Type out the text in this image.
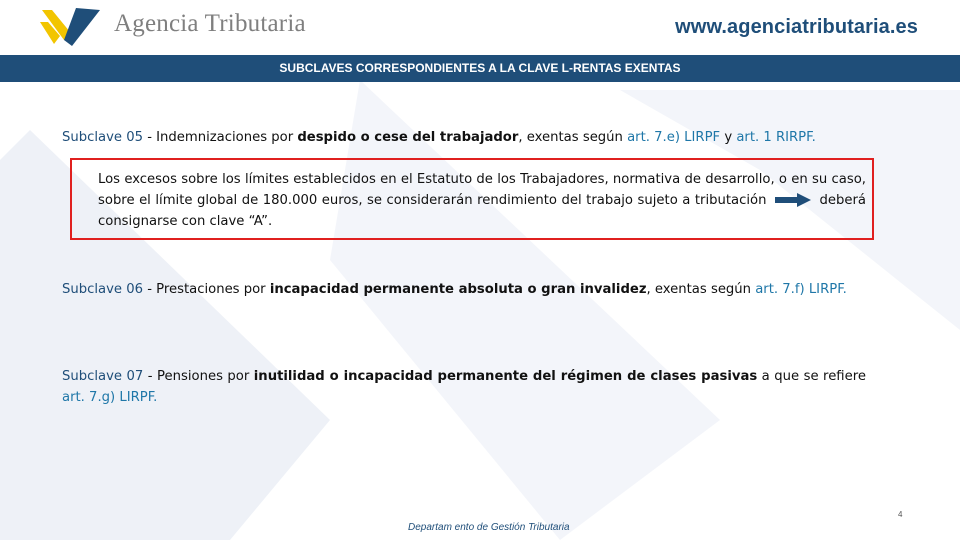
Agencia Tributaria	www.agenciatributaria.es
SUBCLAVES CORRESPONDIENTES A LA CLAVE L-RENTAS EXENTAS
Subclave 05 - Indemnizaciones por despido o cese del trabajador, exentas según art. 7.e) LIRPF y art. 1 RIRPF.
Los excesos sobre los límites establecidos en el Estatuto de los Trabajadores, normativa de desarrollo, o en su caso, sobre el límite global de 180.000 euros, se considerarán rendimiento del trabajo sujeto a tributación	deberá consignarse con clave “A”.
Subclave 06 - Prestaciones por incapacidad permanente absoluta o gran invalidez, exentas según art. 7.f) LIRPF.
Subclave 07 - Pensiones por inutilidad o incapacidad permanente del régimen de clases pasivas a que se refiere art. 7.g) LIRPF.
4
Departam ento de Gestión Tributaria
